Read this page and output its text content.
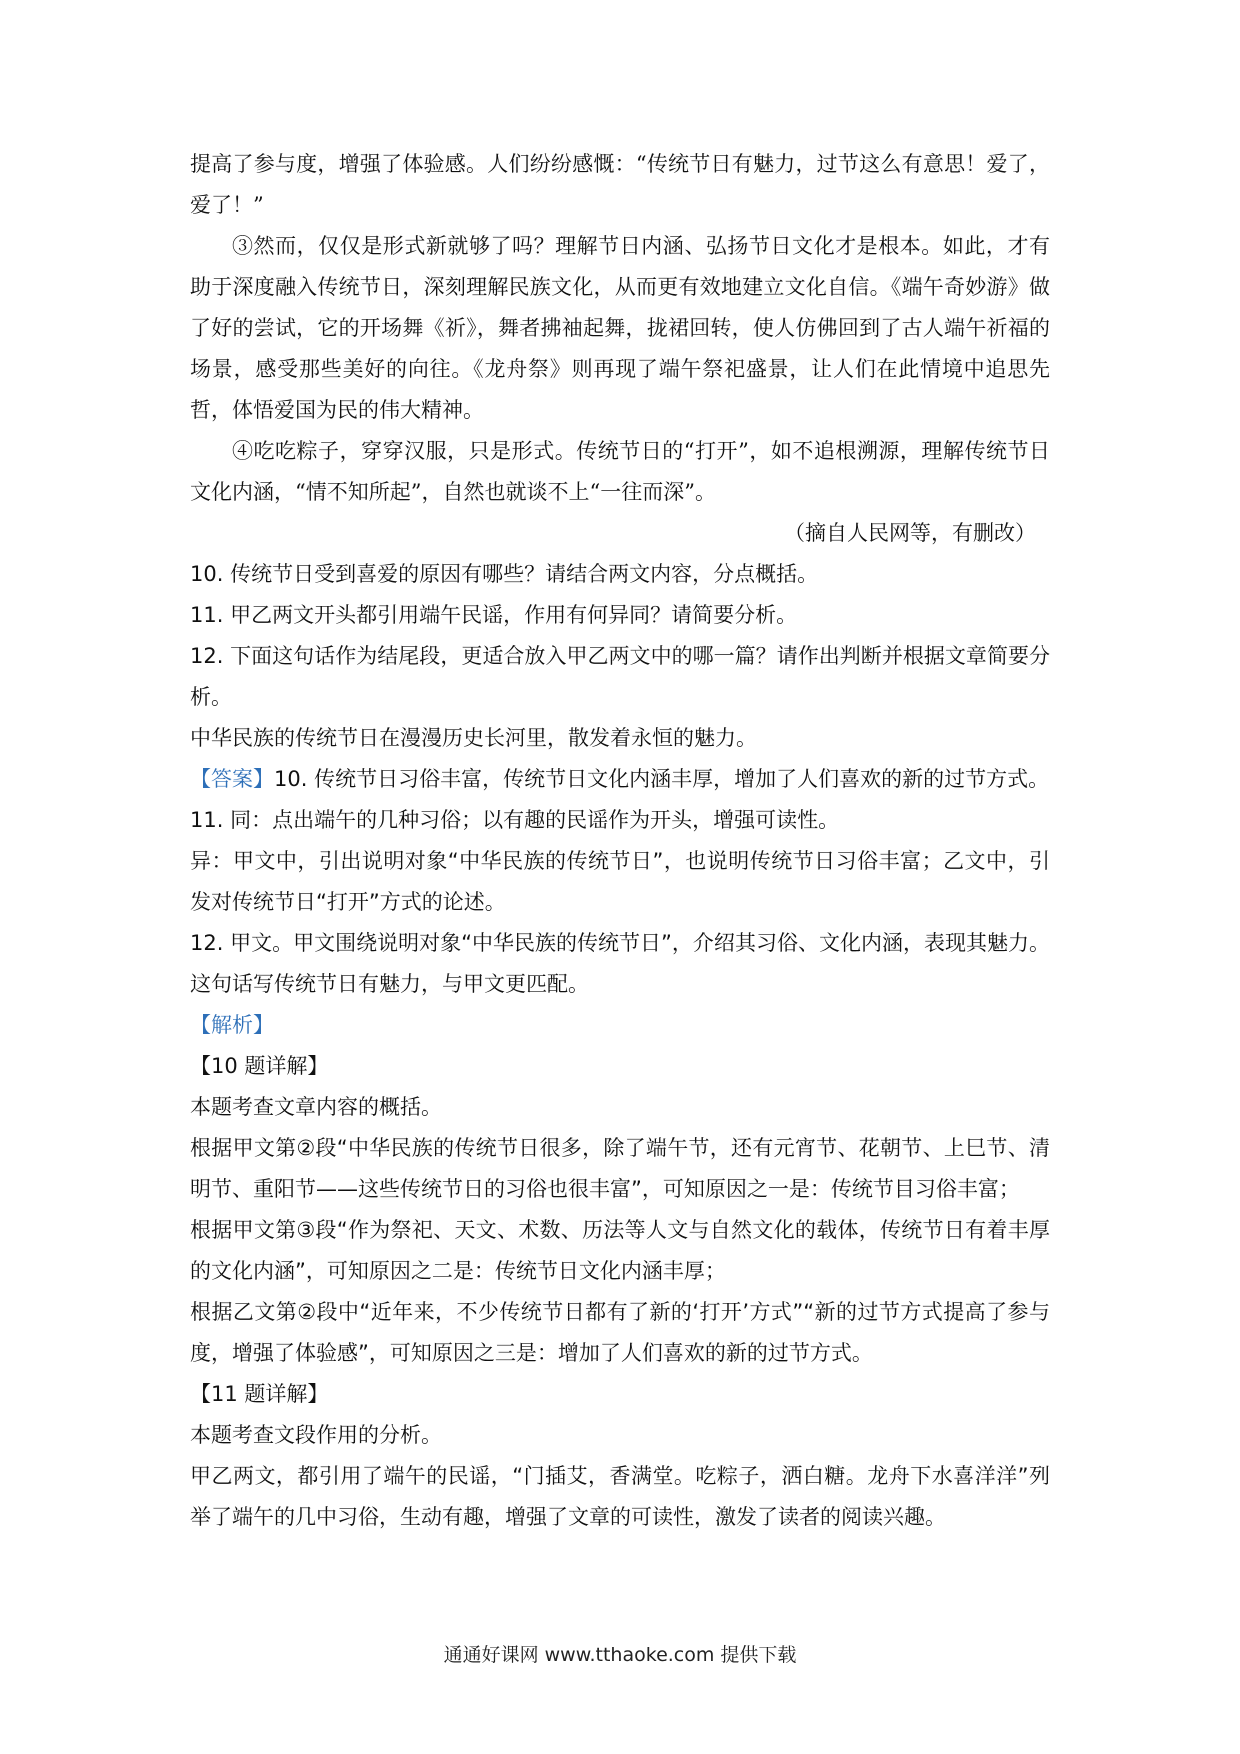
提高了参与度，增强了体验感。人们纷纷感慨：“传统节日有魅力，过节这么有意思！爱了，爱了！”

③然而，仅仅是形式新就够了吗？理解节日内涵、弘扬节日文化才是根本。如此，才有助于深度融入传统节日，深刻理解民族文化，从而更有效地建立文化自信。《端午奇妙游》做了好的尝试，它的开场舞《祈》，舞者拂袖起舞，拢裙回转，使人仿佛回到了古人端午祈福的场景，感受那些美好的向往。《龙舟祭》则再现了端午祭祀盛景，让人们在此情境中追思先哲，体悟爱国为民的伟大精神。

④吃吃粽子，穿穿汉服，只是形式。传统节日的“打开”，如不追根溯源，理解传统节日文化内涵，“情不知所起”，自然也就谈不上“一往而深”。

（摘自人民网等，有删改）

10. 传统节日受到喜爱的原因有哪些？请结合两文内容，分点概括。

11. 甲乙两文开头都引用端午民谣，作用有何异同？请简要分析。

12. 下面这句话作为结尾段，更适合放入甲乙两文中的哪一篇？请作出判断并根据文章简要分析。

中华民族的传统节日在漫漫历史长河里，散发着永恒的魅力。

【答案】10. 传统节日习俗丰富，传统节日文化内涵丰厚，增加了人们喜欢的新的过节方式。

11. 同：点出端午的几种习俗；以有趣的民谣作为开头，增强可读性。

异：甲文中，引出说明对象“中华民族的传统节日”，也说明传统节日习俗丰富；乙文中，引发对传统节日“打开”方式的论述。

12. 甲文。甲文围绕说明对象“中华民族的传统节日”，介绍其习俗、文化内涵，表现其魅力。这句话写传统节日有魅力，与甲文更匹配。

【解析】

【10 题详解】

本题考查文章内容的概括。

根据甲文第②段“中华民族的传统节日很多，除了端午节，还有元宵节、花朝节、上巳节、清明节、重阳节——这些传统节日的习俗也很丰富”，可知原因之一是：传统节目习俗丰富；

根据甲文第③段“作为祭祀、天文、术数、历法等人文与自然文化的载体，传统节日有着丰厚的文化内涵”，可知原因之二是：传统节日文化内涵丰厚；

根据乙文第②段中“近年来，不少传统节日都有了新的‘打开’方式”“新的过节方式提高了参与度，增强了体验感”，可知原因之三是：增加了人们喜欢的新的过节方式。

【11 题详解】

本题考查文段作用的分析。

甲乙两文，都引用了端午的民谣，“门插艾，香满堂。吃粽子，洒白糖。龙舟下水喜洋洋”列举了端午的几中习俗，生动有趣，增强了文章的可读性，激发了读者的阅读兴趣。

通通好课网 www.tthaoke.com 提供下载
